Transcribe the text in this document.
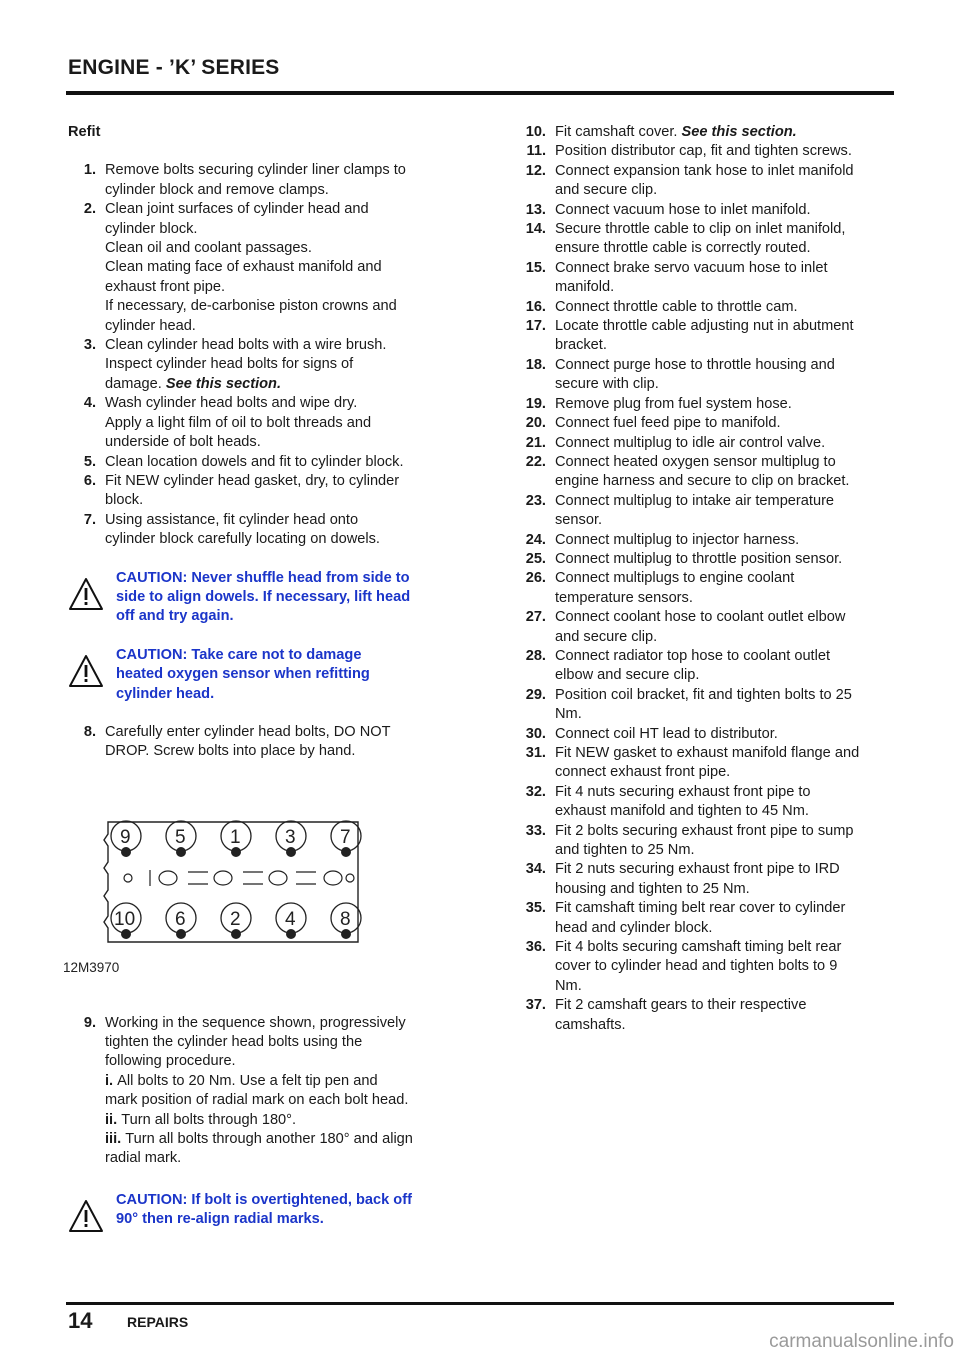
ENGINE - ’K’ SERIES
Refit
1. Remove bolts securing cylinder liner clamps to
cylinder block and remove clamps.
2. Clean joint surfaces of cylinder head and
cylinder block.
Clean oil and coolant passages.
Clean mating face of exhaust manifold and
exhaust front pipe.
If necessary, de-carbonise piston crowns and
cylinder head.
3. Clean cylinder head bolts with a wire brush.
Inspect cylinder head bolts for signs of
damage. See this section.
4. Wash cylinder head bolts and wipe dry.
Apply a light film of oil to bolt threads and
underside of bolt heads.
5. Clean location dowels and fit to cylinder block.
6. Fit NEW cylinder head gasket, dry, to cylinder
block.
7. Using assistance, fit cylinder head onto
cylinder block carefully locating on dowels.
CAUTION: Never shuffle head from side to
side to align dowels. If necessary, lift head
off and try again.
CAUTION: Take care not to damage
heated oxygen sensor when refitting
cylinder head.
8. Carefully enter cylinder head bolts, DO NOT
DROP. Screw bolts into place by hand.
9 5 1 3 7
10 6 2 4 8
12M3970
9. Working in the sequence shown, progressively
tighten the cylinder head bolts using the
following procedure.
i. All bolts to 20 Nm. Use a felt tip pen and
mark position of radial mark on each bolt head.
ii. Turn all bolts through 180°.
iii. Turn all bolts through another 180° and align
radial mark.
CAUTION: If bolt is overtightened, back off
90° then re-align radial marks.
10. Fit camshaft cover. See this section.
11. Position distributor cap, fit and tighten screws.
12. Connect expansion tank hose to inlet manifold
and secure clip.
13. Connect vacuum hose to inlet manifold.
14. Secure throttle cable to clip on inlet manifold,
ensure throttle cable is correctly routed.
15. Connect brake servo vacuum hose to inlet
manifold.
16. Connect throttle cable to throttle cam.
17. Locate throttle cable adjusting nut in abutment
bracket.
18. Connect purge hose to throttle housing and
secure with clip.
19. Remove plug from fuel system hose.
20. Connect fuel feed pipe to manifold.
21. Connect multiplug to idle air control valve.
22. Connect heated oxygen sensor multiplug to
engine harness and secure to clip on bracket.
23. Connect multiplug to intake air temperature
sensor.
24. Connect multiplug to injector harness.
25. Connect multiplug to throttle position sensor.
26. Connect multiplugs to engine coolant
temperature sensors.
27. Connect coolant hose to coolant outlet elbow
and secure clip.
28. Connect radiator top hose to coolant outlet
elbow and secure clip.
29. Position coil bracket, fit and tighten bolts to 25
Nm.
30. Connect coil HT lead to distributor.
31. Fit NEW gasket to exhaust manifold flange and
connect exhaust front pipe.
32. Fit 4 nuts securing exhaust front pipe to
exhaust manifold and tighten to 45 Nm.
33. Fit 2 bolts securing exhaust front pipe to sump
and tighten to 25 Nm.
34. Fit 2 nuts securing exhaust front pipe to IRD
housing and tighten to 25 Nm.
35. Fit camshaft timing belt rear cover to cylinder
head and cylinder block.
36. Fit 4 bolts securing camshaft timing belt rear
cover to cylinder head and tighten bolts to 9
Nm.
37. Fit 2 camshaft gears to their respective
camshafts.
14 REPAIRS
carmanualsonline.info
